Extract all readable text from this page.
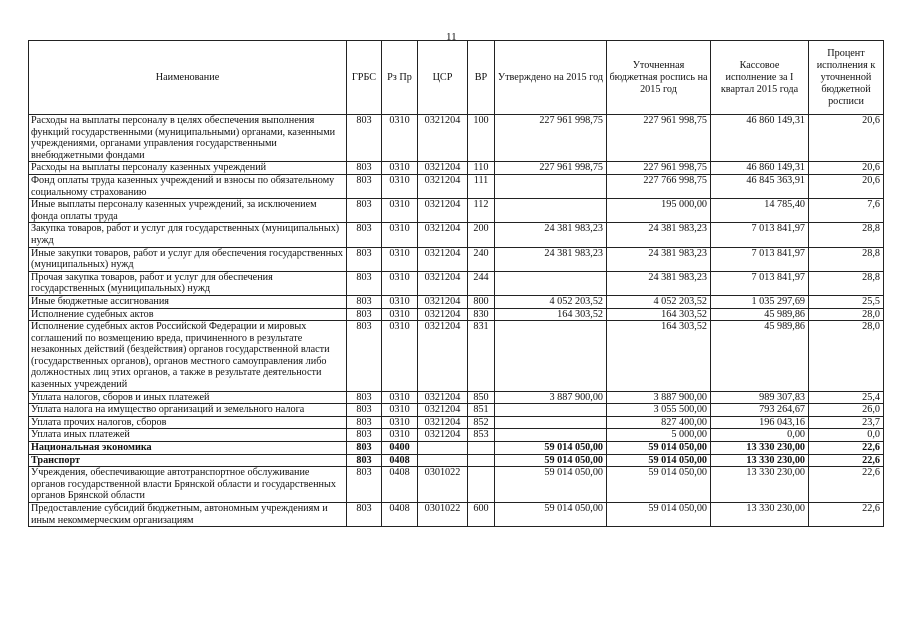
11
Наименование	ГРБС	Рз Пр	ЦСР	ВР	Утверждено на 2015 год	Уточненная бюджетная роспись на 2015 год	Кассовое исполнение за I квартал 2015 года	Процент исполнения к уточненной бюджетной росписи
Расходы на выплаты персоналу в целях обеспечения выполнения функций государственными (муниципальными) органами, казенными учреждениями, органами управления государственными внебюджетными фондами	803	0310	0321204	100	227 961 998,75	227 961 998,75	46 860 149,31	20,6
Расходы на выплаты персоналу казенных учреждений	803	0310	0321204	110	227 961 998,75	227 961 998,75	46 860 149,31	20,6
Фонд оплаты труда казенных учреждений и взносы по обязательному социальному страхованию	803	0310	0321204	111		227 766 998,75	46 845 363,91	20,6
Иные выплаты персоналу казенных учреждений, за исключением фонда оплаты труда	803	0310	0321204	112		195 000,00	14 785,40	7,6
Закупка товаров, работ и услуг для государственных (муниципальных) нужд	803	0310	0321204	200	24 381 983,23	24 381 983,23	7 013 841,97	28,8
Иные закупки товаров, работ и услуг для обеспечения государственных (муниципальных) нужд	803	0310	0321204	240	24 381 983,23	24 381 983,23	7 013 841,97	28,8
Прочая закупка товаров, работ и услуг для обеспечения государственных (муниципальных) нужд	803	0310	0321204	244		24 381 983,23	7 013 841,97	28,8
Иные бюджетные ассигнования	803	0310	0321204	800	4 052 203,52	4 052 203,52	1 035 297,69	25,5
Исполнение судебных актов	803	0310	0321204	830	164 303,52	164 303,52	45 989,86	28,0
Исполнение судебных актов Российской Федерации и мировых соглашений по возмещению вреда, причиненного в результате незаконных действий (бездействия) органов государственной власти (государственных органов), органов местного самоуправления либо должностных лиц этих органов, а также в результате деятельности казенных учреждений	803	0310	0321204	831		164 303,52	45 989,86	28,0
Уплата налогов, сборов и иных платежей	803	0310	0321204	850	3 887 900,00	3 887 900,00	989 307,83	25,4
Уплата налога на имущество организаций и земельного налога	803	0310	0321204	851		3 055 500,00	793 264,67	26,0
Уплата прочих налогов, сборов	803	0310	0321204	852		827 400,00	196 043,16	23,7
Уплата иных платежей	803	0310	0321204	853		5 000,00	0,00	0,0
Национальная экономика	803	0400			59 014 050,00	59 014 050,00	13 330 230,00	22,6
Транспорт	803	0408			59 014 050,00	59 014 050,00	13 330 230,00	22,6
Учреждения, обеспечивающие автотранспортное обслуживание органов государственной власти Брянской области и государственных органов Брянской области	803	0408	0301022		59 014 050,00	59 014 050,00	13 330 230,00	22,6
Предоставление субсидий бюджетным, автономным учреждениям и иным некоммерческим организациям	803	0408	0301022	600	59 014 050,00	59 014 050,00	13 330 230,00	22,6
